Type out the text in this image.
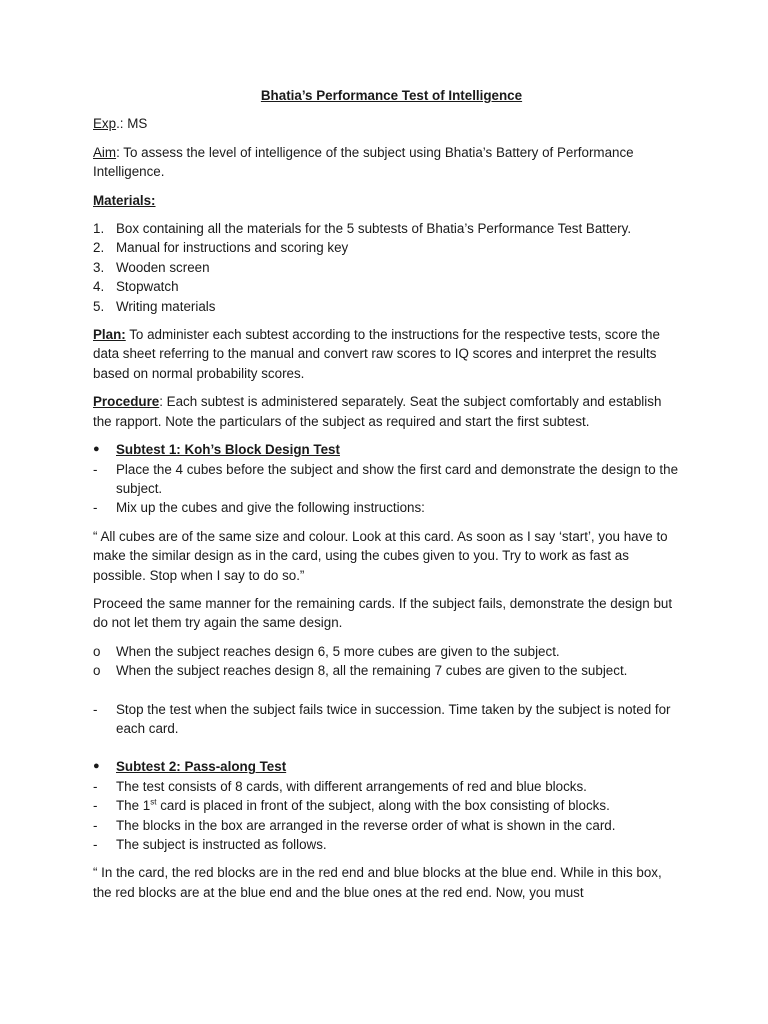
Bhatia’s Performance Test of Intelligence

Exp.: MS

Aim: To assess the level of intelligence of the subject using Bhatia’s Battery of Performance Intelligence.

Materials:

1. Box containing all the materials for the 5 subtests of Bhatia’s Performance Test Battery.
2. Manual for instructions and scoring key
3. Wooden screen
4. Stopwatch
5. Writing materials

Plan: To administer each subtest according to the instructions for the respective tests, score the data sheet referring to the manual and convert raw scores to IQ scores and interpret the results based on normal probability scores.

Procedure: Each subtest is administered separately. Seat the subject comfortably and establish the rapport. Note the particulars of the subject as required and start the first subtest.

●	Subtest 1: Koh’s Block Design Test
-	Place the 4 cubes before the subject and show the first card and demonstrate the design to the subject.
-	Mix up the cubes and give the following instructions:

“ All cubes are of the same size and colour. Look at this card. As soon as I say ‘start’, you have to make the similar design as in the card, using the cubes given to you. Try to work as fast as possible. Stop when I say to do so.”

Proceed the same manner for the remaining cards. If the subject fails, demonstrate the design but do not let them try again the same design.

o	When the subject reaches design 6, 5 more cubes are given to the subject.
o	When the subject reaches design 8, all the remaining 7 cubes are given to the subject.
-	Stop the test when the subject fails twice in succession. Time taken by the subject is noted for each card.
●	Subtest 2: Pass-along Test
-	The test consists of 8 cards, with different arrangements of red and blue blocks.
-	The 1st card is placed in front of the subject, along with the box consisting of blocks.
-	The blocks in the box are arranged in the reverse order of what is shown in the card.
-	The subject is instructed as follows.

“ In the card, the red blocks are in the red end and blue blocks at the blue end. While in this box, the red blocks are at the blue end and the blue ones at the red end. Now, you must
